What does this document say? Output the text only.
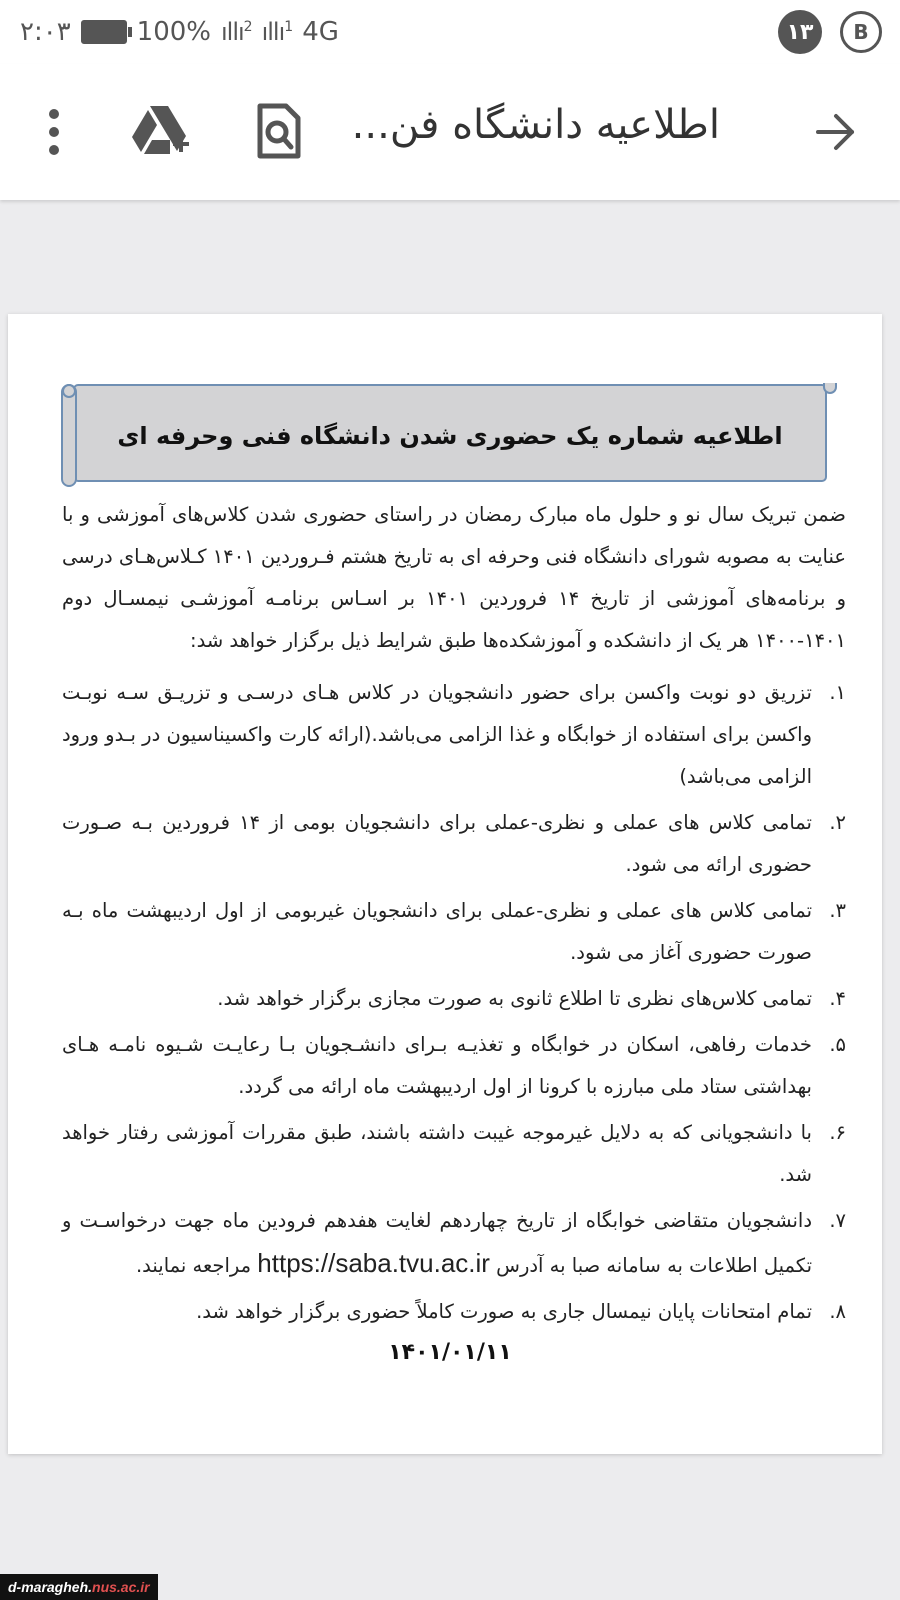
۲:۰۳	100% ıllı$^2$ ıllı$^1$ 4G	۱۳	B
اطلاعیه دانشگاه فن...
اطلاعیه شماره یک حضوری شدن دانشگاه فنی وحرفه ای
ضمن تبریک سال نو و حلول ماه مبارک رمضان در راستای حضوری شدن کلاس‌های آموزشی و با عنایت به مصوبه شورای دانشگاه فنی وحرفه ای به تاریخ هشتم فـروردین ۱۴۰۱ کـلاس‌هـای درسی و برنامه‌های آموزشی از تاریخ ۱۴ فروردین ۱۴۰۱ بر اسـاس برنامـه آموزشـی نیمسـال دوم ۱۴۰۱-۱۴۰۰ هر یک از دانشکده و آموزشکده‌ها طبق شرایط ذیل برگزار خواهد شد:
۱.
تزریق دو نوبت واکسن برای حضور دانشجویان در کلاس هـای درسـی و تزریـق سـه نوبـت واکسن برای استفاده از خوابگاه و غذا الزامی می‌باشد.(ارائه کارت واکسیناسیون در بـدو ورود الزامی می‌باشد)
۲.
تمامی کلاس های عملی و نظری-عملی برای دانشجویان بومی از ۱۴ فروردین بـه صـورت حضوری ارائه می شود.
۳.
تمامی کلاس های عملی و نظری-عملی برای دانشجویان غیربومی از اول اردیبهشت ماه بـه صورت حضوری آغاز می شود.
۴.
تمامی کلاس‌های نظری تا اطلاع ثانوی به صورت مجازی برگزار خواهد شد.
۵.
خدمات رفاهی، اسکان در خوابگاه و تغذیـه بـرای دانشـجویان بـا رعایـت شـیوه نامـه هـای بهداشتی ستاد ملی مبارزه با کرونا از اول اردیبهشت ماه ارائه می گردد.
۶.
با دانشجویانی که به دلایل غیرموجه غیبت داشته باشند، طبق مقررات آموزشی رفتار خواهد شد.
۷.
دانشجویان متقاضی خوابگاه از تاریخ چهاردهم لغایت هفدهم فرودین ماه جهت درخواسـت و تکمیل اطلاعات به سامانه صبا به آدرس https://saba.tvu.ac.ir مراجعه نمایند.
۸.
تمام امتحانات پایان نیمسال جاری به صورت کاملاً حضوری برگزار خواهد شد.
۱۴۰۱/۰۱/۱۱
d-maragheh. nus.ac.ir
